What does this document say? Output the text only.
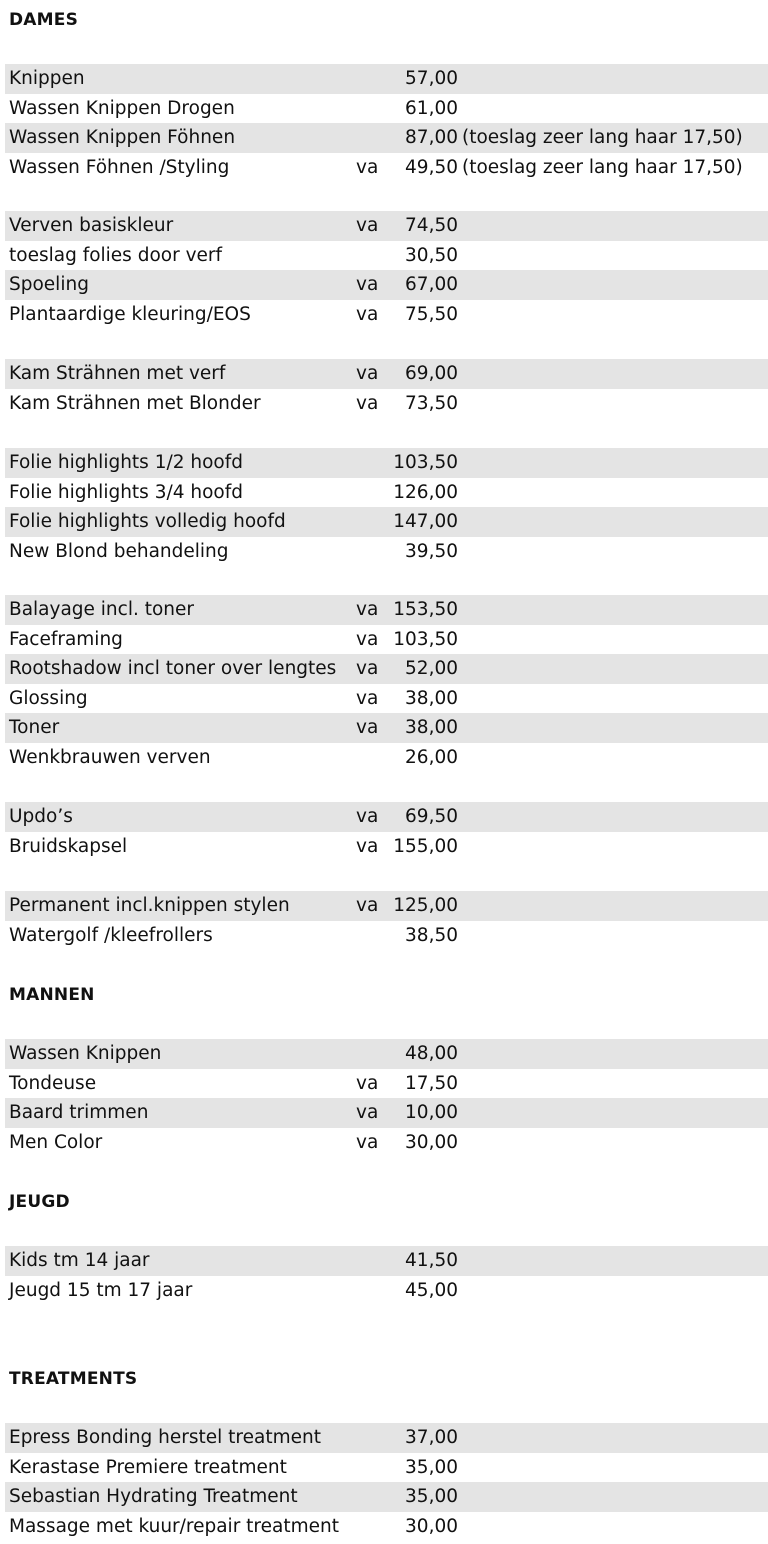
DAMES
Knippen	57,00
Wassen Knippen Drogen	61,00
Wassen Knippen Föhnen	87,00 (toeslag zeer lang haar 17,50)
Wassen Föhnen /Styling	va 49,50 (toeslag zeer lang haar 17,50)
Verven basiskleur	va 74,50
toeslag folies door verf	30,50
Spoeling	va 67,00
Plantaardige kleuring/EOS	va 75,50
Kam Strähnen met verf	va 69,00
Kam Strähnen met Blonder	va 73,50
Folie highlights 1/2 hoofd	103,50
Folie highlights 3/4 hoofd	126,00
Folie highlights volledig hoofd	147,00
New Blond behandeling	39,50
Balayage incl. toner	va 153,50
Faceframing	va 103,50
Rootshadow incl toner over lengtes va 52,00
Glossing	va 38,00
Toner	va 38,00
Wenkbrauwen verven	26,00
Updo’s	va 69,50
Bruidskapsel	va 155,00
Permanent incl.knippen stylen	va 125,00
Watergolf /kleefrollers	38,50
MANNEN
Wassen Knippen	48,00
Tondeuse	va 17,50
Baard trimmen	va 10,00
Men Color	va 30,00
JEUGD
Kids tm 14 jaar	41,50
Jeugd 15 tm 17 jaar	45,00
TREATMENTS
Epress Bonding herstel treatment	37,00
Kerastase Premiere treatment	35,00
Sebastian Hydrating Treatment	35,00
Massage met kuur/repair treatment	30,00
